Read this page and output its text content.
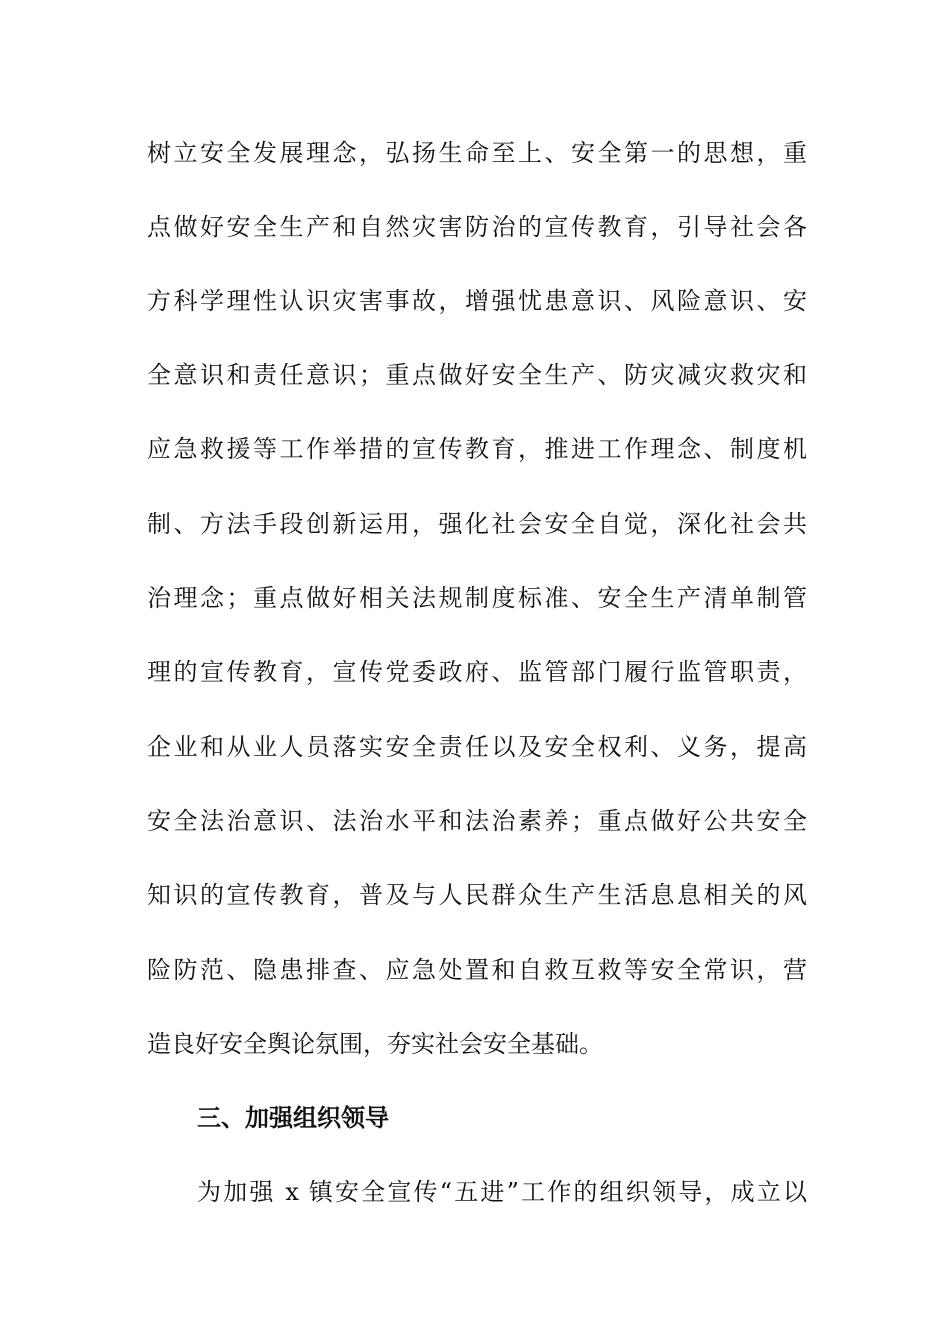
树立安全发展理念，弘扬生命至上、安全第一的思想，重
点做好安全生产和自然灾害防治的宣传教育，引导社会各
方科学理性认识灾害事故，增强忧患意识、风险意识、安
全意识和责任意识；重点做好安全生产、防灾减灾救灾和
应急救援等工作举措的宣传教育，推进工作理念、制度机
制、方法手段创新运用，强化社会安全自觉，深化社会共
治理念；重点做好相关法规制度标准、安全生产清单制管
理的宣传教育，宣传党委政府、监管部门履行监管职责，
企业和从业人员落实安全责任以及安全权利、义务，提高
安全法治意识、法治水平和法治素养；重点做好公共安全
知识的宣传教育，普及与人民群众生产生活息息相关的风
险防范、隐患排查、应急处置和自救互救等安全常识，营
造良好安全舆论氛围，夯实社会安全基础。
三、加强组织领导
为加强 x 镇安全宣传“五进”工作的组织领导，成立以
